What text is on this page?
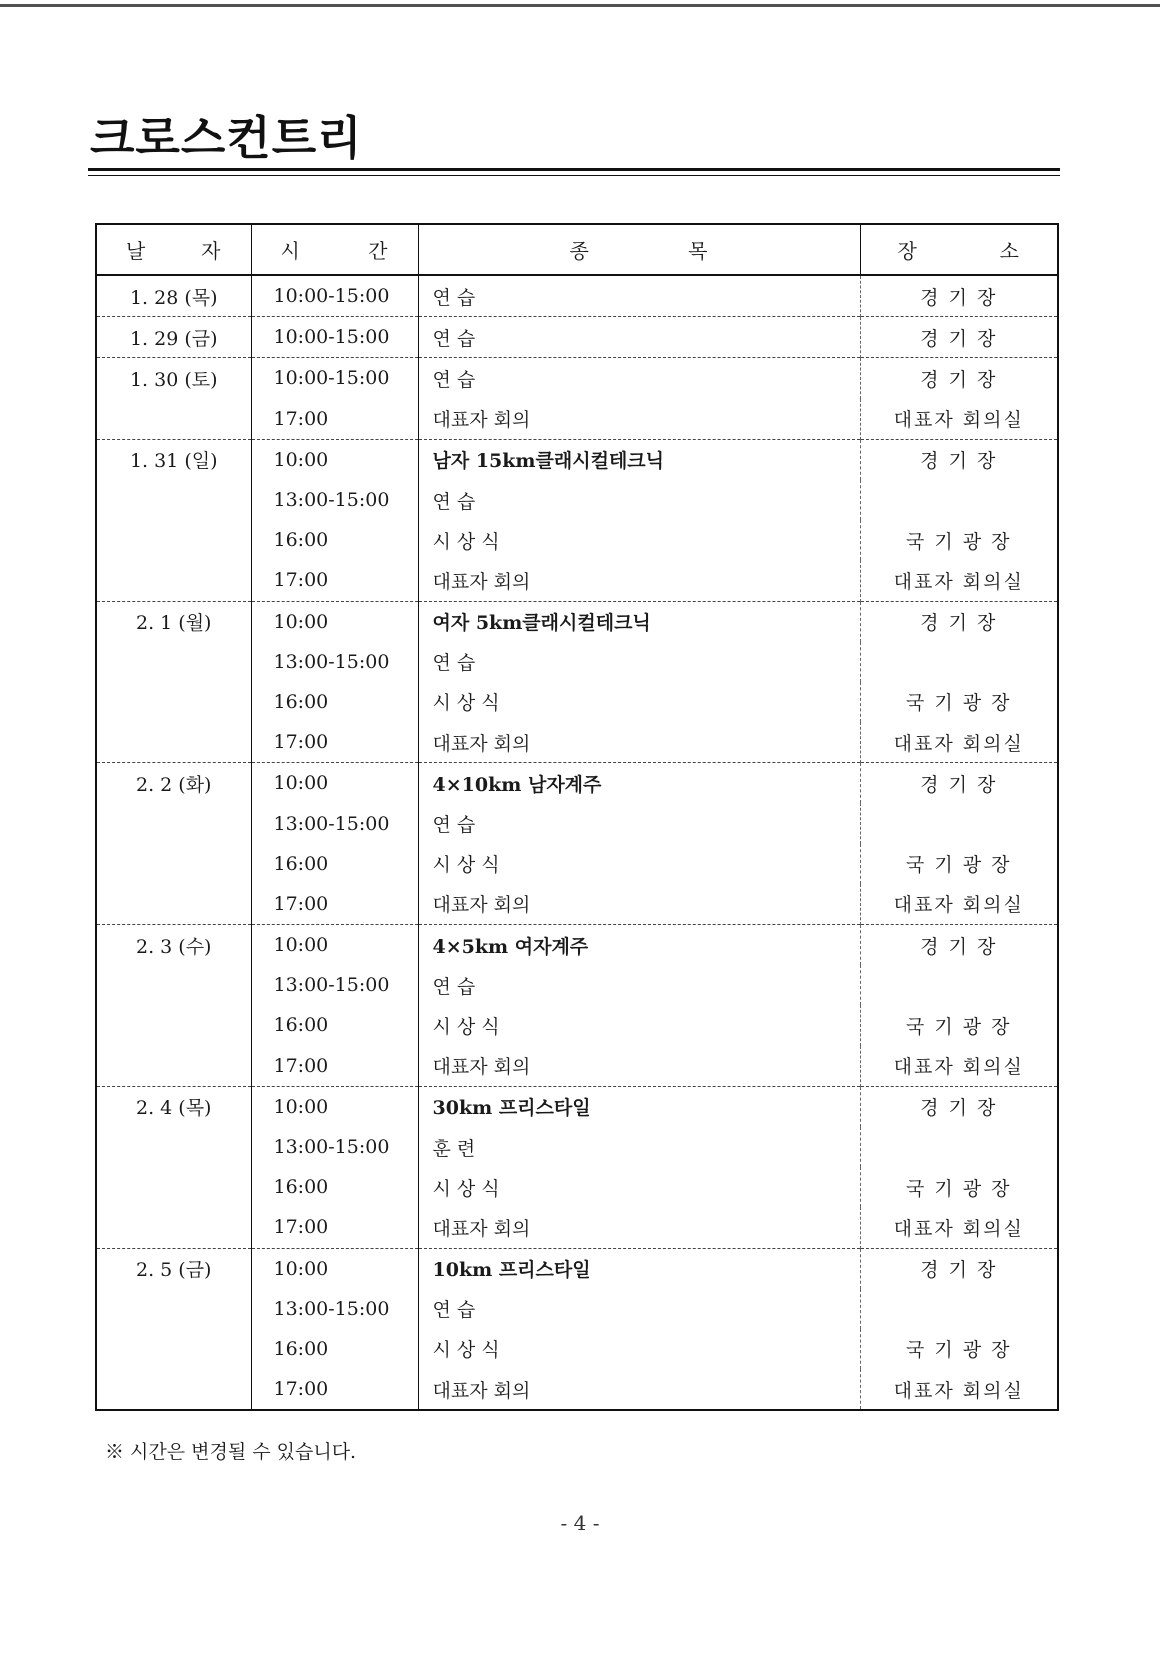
크로스컨트리
날 자	시 간	종 목	장 소

1. 28 (목)	10:00-15:00	연 습	경 기 장
1. 29 (금)	10:00-15:00	연 습	경 기 장
1. 30 (토)	10:00-15:00	연 습	경 기 장
	17:00	대표자 회의	대표자 회의실
1. 31 (일)	10:00	남자 15km클래시컬테크닉	경 기 장
	13:00-15:00	연 습	
	16:00	시 상 식	국 기 광 장
	17:00	대표자 회의	대표자 회의실
2. 1 (월)	10:00	여자 5km클래시컬테크닉	경 기 장
	13:00-15:00	연 습	
	16:00	시 상 식	국 기 광 장
	17:00	대표자 회의	대표자 회의실
2. 2 (화)	10:00	4×10km 남자계주	경 기 장
	13:00-15:00	연 습	
	16:00	시 상 식	국 기 광 장
	17:00	대표자 회의	대표자 회의실
2. 3 (수)	10:00	4×5km 여자계주	경 기 장
	13:00-15:00	연 습	
	16:00	시 상 식	국 기 광 장
	17:00	대표자 회의	대표자 회의실
2. 4 (목)	10:00	30km 프리스타일	경 기 장
	13:00-15:00	훈 련	
	16:00	시 상 식	국 기 광 장
	17:00	대표자 회의	대표자 회의실
2. 5 (금)	10:00	10km 프리스타일	경 기 장
	13:00-15:00	연 습	
	16:00	시 상 식	국 기 광 장
	17:00	대표자 회의	대표자 회의실

※ 시간은 변경될 수 있습니다.

- 4 -
